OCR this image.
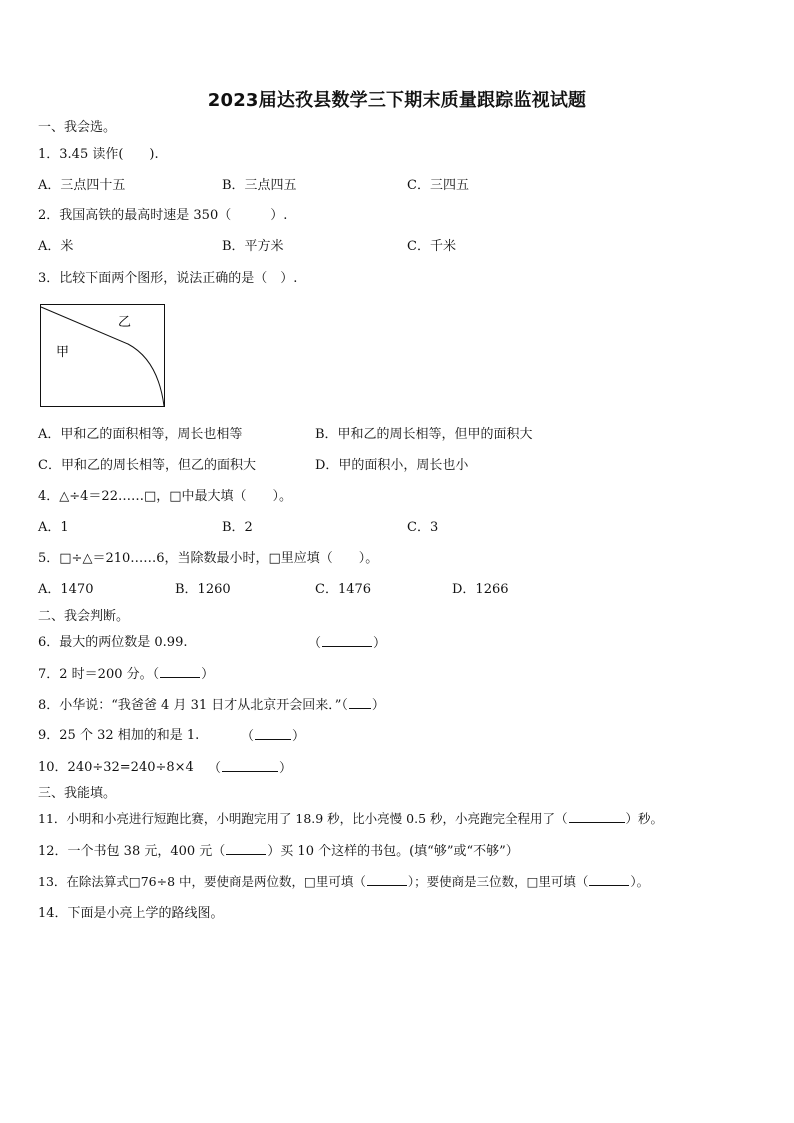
2023届达孜县数学三下期末质量跟踪监视试题
一、我会选。
1．3.45 读作(　　).
A．三点四十五	B．三点四五	C．三四五
2．我国高铁的最高时速是 350（　　　）.
A．米	B．平方米	C．千米
3．比较下面两个图形，说法正确的是（　）.
乙
甲
A．甲和乙的面积相等，周长也相等	B．甲和乙的周长相等，但甲的面积大
C．甲和乙的周长相等，但乙的面积大	D．甲的面积小，周长也小
4．△÷4＝22……□，□中最大填（　　）。
A．1	B．2	C．3
5．□÷△＝210……6，当除数最小时，□里应填（　　）。
A．1470	B．1260	C．1476	D．1266
二、我会判断。
6．最大的两位数是 0.99.	（	）
7．2 时＝200 分。（	）
8．小华说：“我爸爸 4 月 31 日才从北京开会回来．”（ ）
9．25 个 32 相加的和是 1.	（	）
10．240÷32=240÷8×4 （	）
三、我能填。
11．小明和小亮进行短跑比赛，小明跑完用了 18.9 秒，比小亮慢 0.5 秒，小亮跑完全程用了（	）秒。
12．一个书包 38 元，400 元（	）买 10 个这样的书包。(填“够”或“不够”）
13．在除法算式□76÷8 中，要使商是两位数，□里可填（	）；要使商是三位数，□里可填（	）。
14．下面是小亮上学的路线图。
